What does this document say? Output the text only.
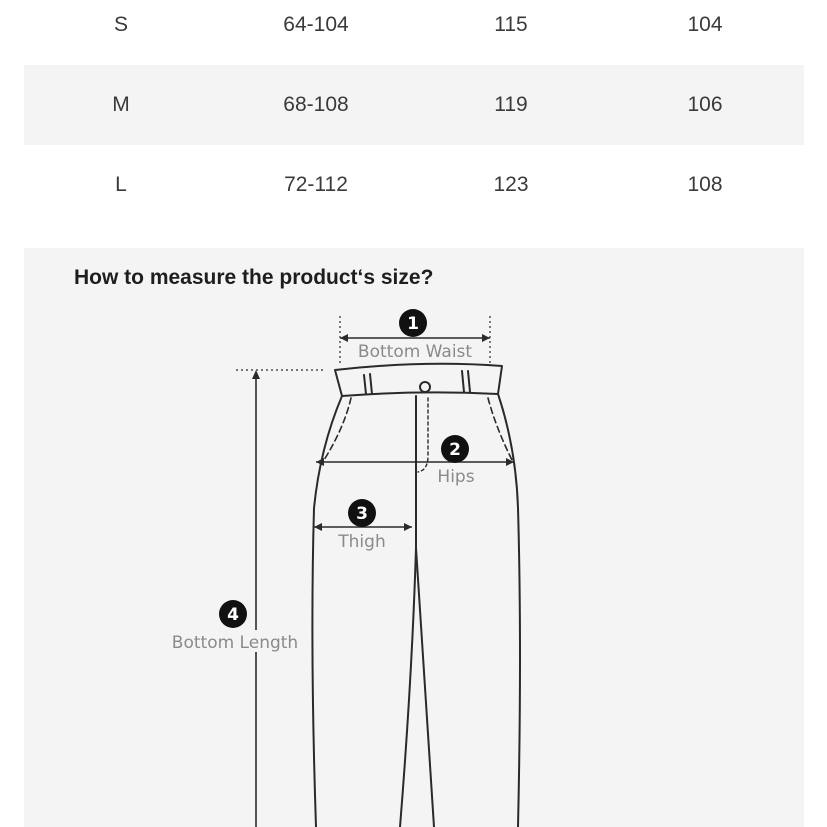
S	64-104	115	104
M	68-108	119	106
L	72-112	123	108
How to measure the product‘s size?
1
Bottom Waist
2
Hips
3
Thigh
4
Bottom Length
